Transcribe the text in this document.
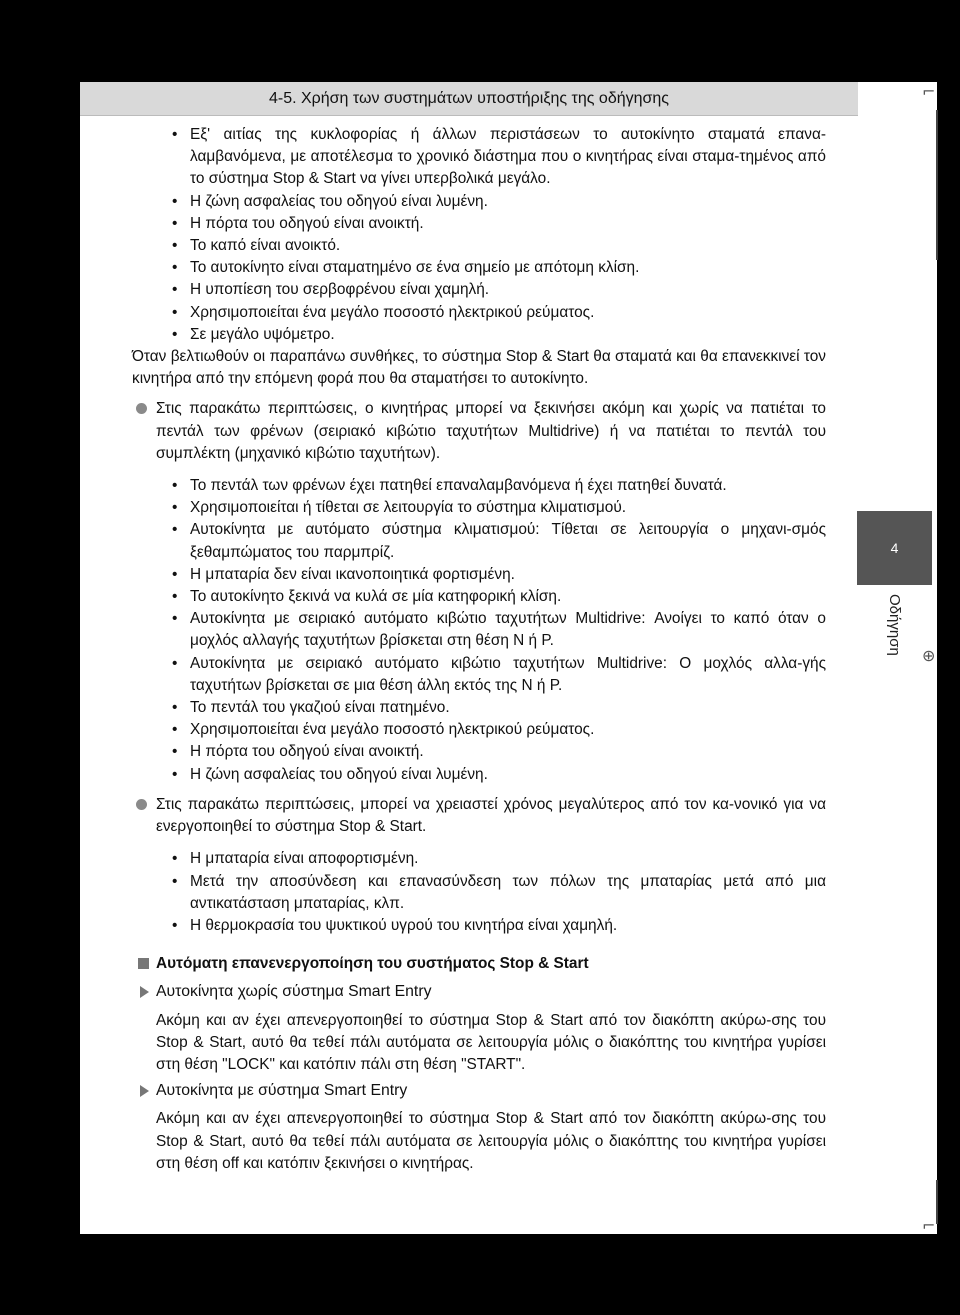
4-5. Χρήση των συστημάτων υποστήριξης της οδήγησης
4
Οδήγηση
⌐
⊕
⌐
• Εξ' αιτίας της κυκλοφορίας ή άλλων περιστάσεων το αυτοκίνητο σταματά επανα-λαμβανόμενα, με αποτέλεσμα το χρονικό διάστημα που ο κινητήρας είναι σταμα-τημένος από το σύστημα Stop & Start να γίνει υπερβολικά μεγάλο.
• Η ζώνη ασφαλείας του οδηγού είναι λυμένη.
• Η πόρτα του οδηγού είναι ανοικτή.
• Το καπό είναι ανοικτό.
• Το αυτοκίνητο είναι σταματημένο σε ένα σημείο με απότομη κλίση.
• Η υποπίεση του σερβοφρένου είναι χαμηλή.
• Χρησιμοποιείται ένα μεγάλο ποσοστό ηλεκτρικού ρεύματος.
• Σε μεγάλο υψόμετρο.

Όταν βελτιωθούν οι παραπάνω συνθήκες, το σύστημα Stop & Start θα σταματά και θα επανεκκινεί τον κινητήρα από την επόμενη φορά που θα σταματήσει το αυτοκίνητο.

Στις παρακάτω περιπτώσεις, ο κινητήρας μπορεί να ξεκινήσει ακόμη και χωρίς να πατιέται το πεντάλ των φρένων (σειριακό κιβώτιο ταχυτήτων Multidrive) ή να πατιέται το πεντάλ του συμπλέκτη (μηχανικό κιβώτιο ταχυτήτων).
• Το πεντάλ των φρένων έχει πατηθεί επαναλαμβανόμενα ή έχει πατηθεί δυνατά.
• Χρησιμοποιείται ή τίθεται σε λειτουργία το σύστημα κλιματισμού.
• Αυτοκίνητα με αυτόματο σύστημα κλιματισμού: Τίθεται σε λειτουργία ο μηχανι-σμός ξεθαμπώματος του παρμπρίζ.
• Η μπαταρία δεν είναι ικανοποιητικά φορτισμένη.
• Το αυτοκίνητο ξεκινά να κυλά σε μία κατηφορική κλίση.
• Αυτοκίνητα με σειριακό αυτόματο κιβώτιο ταχυτήτων Multidrive: Ανοίγει το καπό όταν ο μοχλός αλλαγής ταχυτήτων βρίσκεται στη θέση N ή P.
• Αυτοκίνητα με σειριακό αυτόματο κιβώτιο ταχυτήτων Multidrive: Ο μοχλός αλλα-γής ταχυτήτων βρίσκεται σε μια θέση άλλη εκτός της N ή P.
• Το πεντάλ του γκαζιού είναι πατημένο.
• Χρησιμοποιείται ένα μεγάλο ποσοστό ηλεκτρικού ρεύματος.
• Η πόρτα του οδηγού είναι ανοικτή.
• Η ζώνη ασφαλείας του οδηγού είναι λυμένη.
Στις παρακάτω περιπτώσεις, μπορεί να χρειαστεί χρόνος μεγαλύτερος από τον κα-νονικό για να ενεργοποιηθεί το σύστημα Stop & Start.
• Η μπαταρία είναι αποφορτισμένη.
• Μετά την αποσύνδεση και επανασύνδεση των πόλων της μπαταρίας μετά από μια αντικατάσταση μπαταρίας, κλπ.
• Η θερμοκρασία του ψυκτικού υγρού του κινητήρα είναι χαμηλή.
Αυτόματη επανενεργοποίηση του συστήματος Stop & Start
Αυτοκίνητα χωρίς σύστημα Smart Entry

Ακόμη και αν έχει απενεργοποιηθεί το σύστημα Stop & Start από τον διακόπτη ακύρω-σης του Stop & Start, αυτό θα τεθεί πάλι αυτόματα σε λειτουργία μόλις ο διακόπτης του κινητήρα γυρίσει στη θέση "LOCK" και κατόπιν πάλι στη θέση "START".

Αυτοκίνητα με σύστημα Smart Entry

Ακόμη και αν έχει απενεργοποιηθεί το σύστημα Stop & Start από τον διακόπτη ακύρω-σης του Stop & Start, αυτό θα τεθεί πάλι αυτόματα σε λειτουργία μόλις ο διακόπτης του κινητήρα γυρίσει στη θέση off και κατόπιν ξεκινήσει ο κινητήρας.
